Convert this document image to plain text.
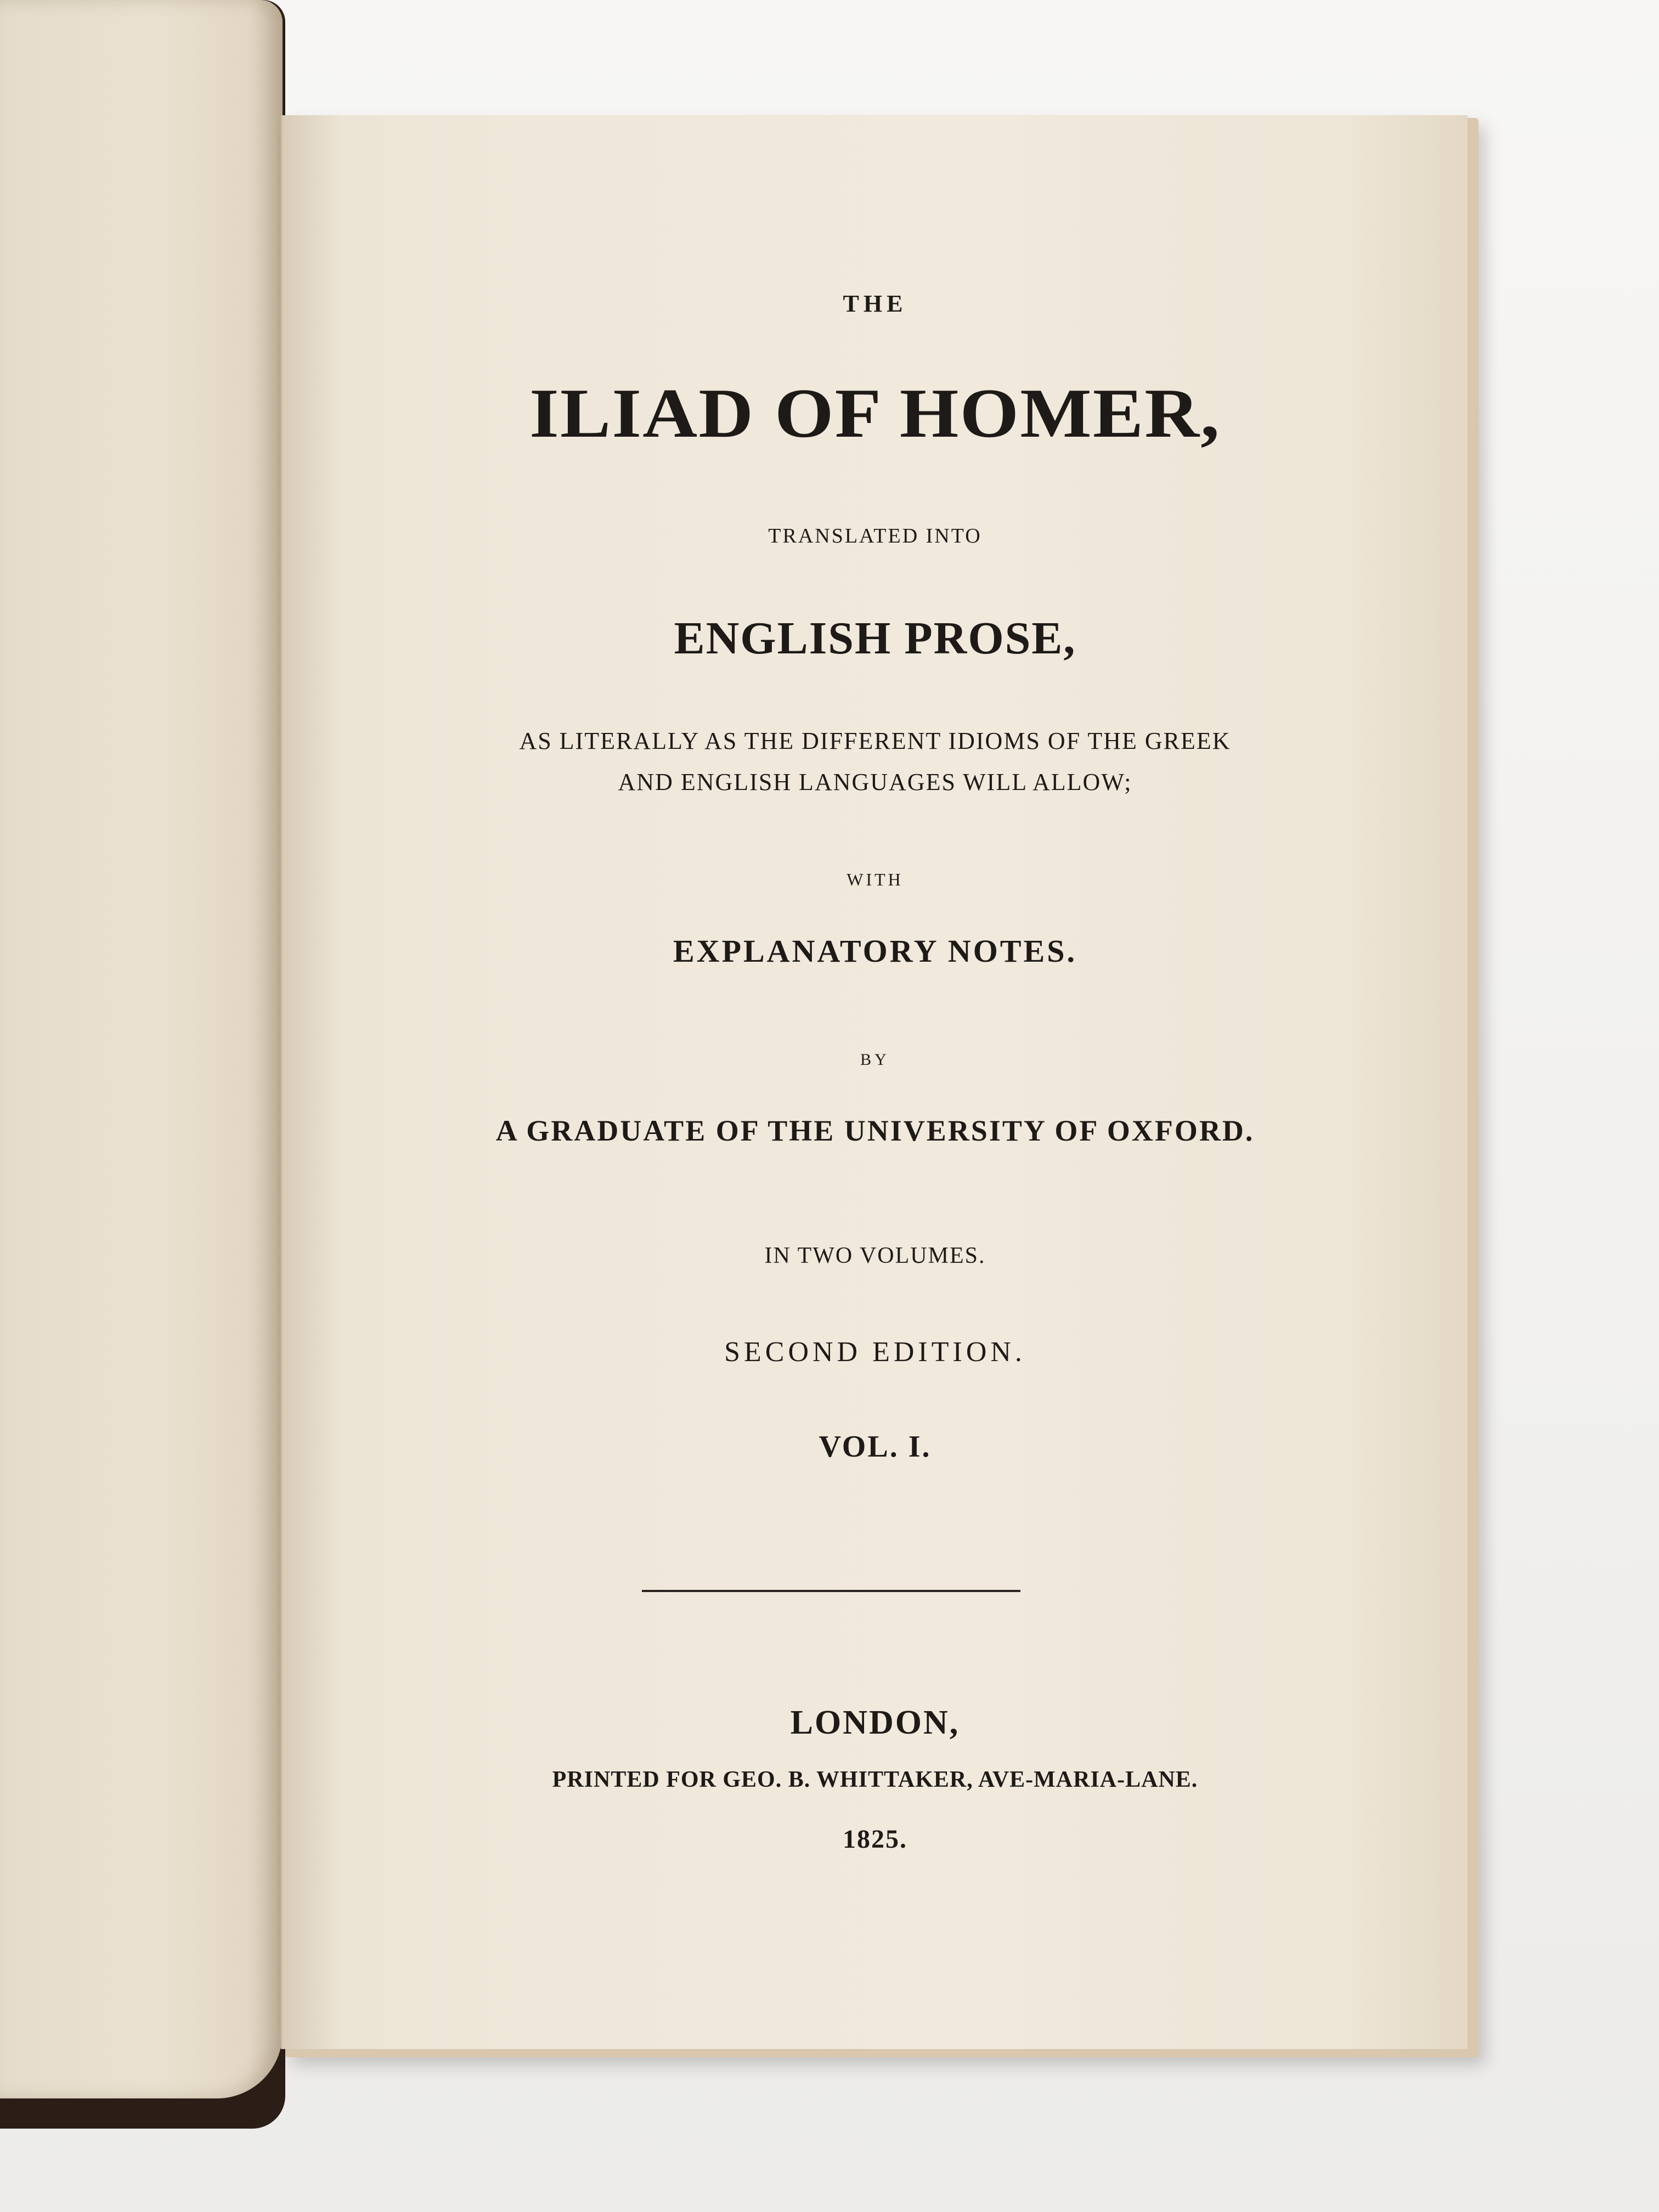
THE
ILIAD OF HOMER,
TRANSLATED INTO
ENGLISH PROSE,
AS LITERALLY AS THE DIFFERENT IDIOMS OF THE GREEK
AND ENGLISH LANGUAGES WILL ALLOW;
WITH
EXPLANATORY NOTES.
BY
A GRADUATE OF THE UNIVERSITY OF OXFORD.
IN TWO VOLUMES.
SECOND EDITION.
VOL. I.
LONDON,
PRINTED FOR GEO. B. WHITTAKER, AVE-MARIA-LANE.
1825.
